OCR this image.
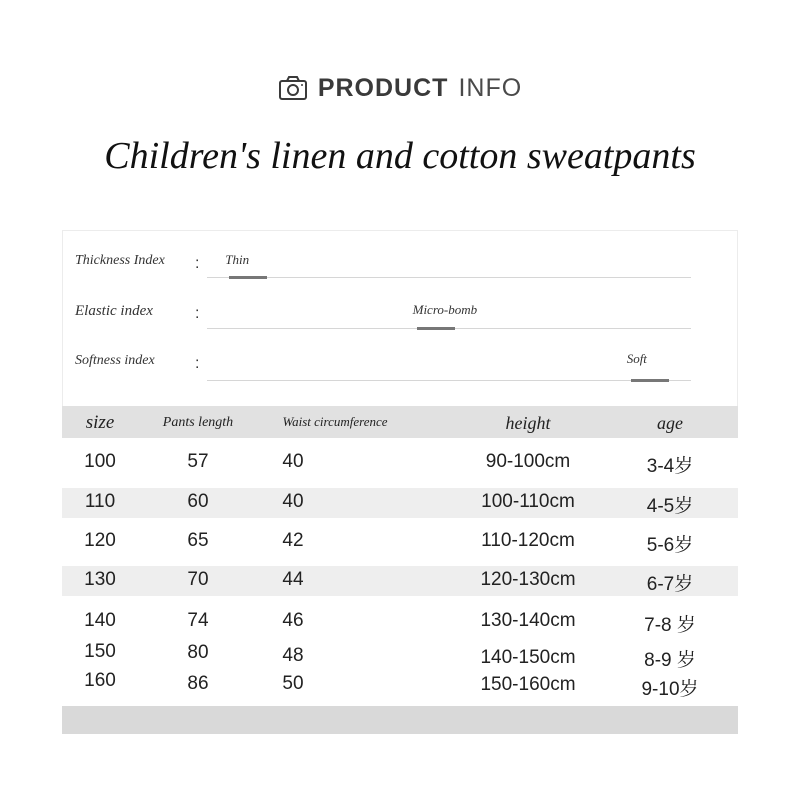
PRODUCT INFO
Children's linen and cotton sweatpants
Thickness Index : Thin
Elastic index	:	Micro-bomb
Softness index	:	Soft
size	Pants length	Waist circumference	height	age
100	57	40	90-100cm	3-4岁
110	60	40	100-110cm	4-5岁
120	65	42	110-120cm	5-6岁
130	70	44	120-130cm	6-7岁
140	74	46	130-140cm	7-8 岁
150	80	48	140-150cm	8-9 岁
160	86	50	150-160cm	9-10岁
